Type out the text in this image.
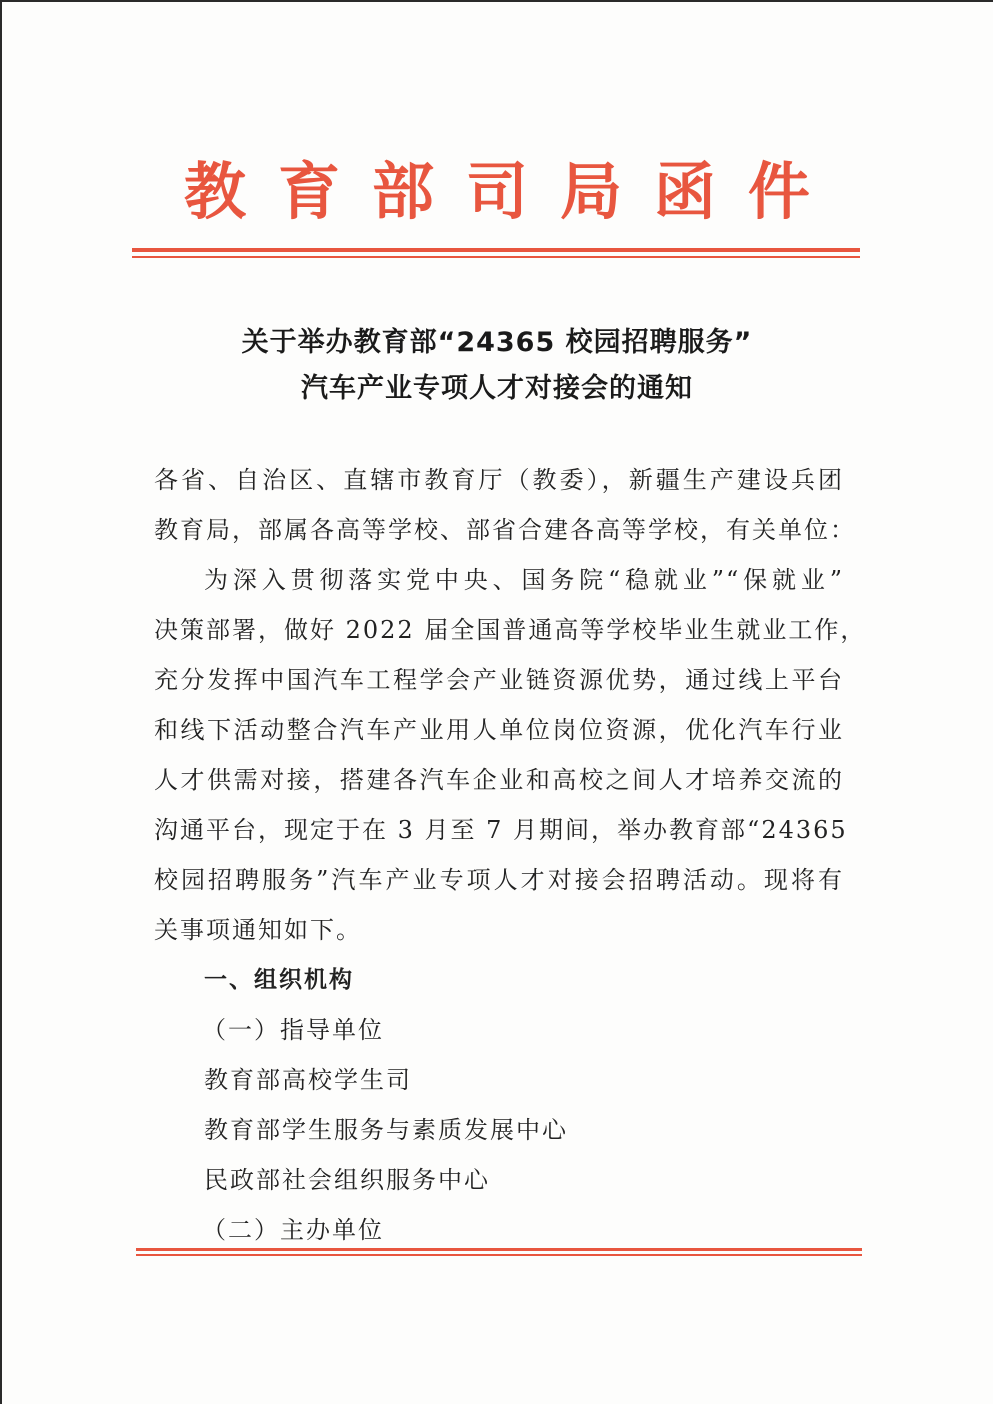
教 育 部 司 局 函 件
关于举办教育部“24365 校园招聘服务”
汽车产业专项人才对接会的通知
各省、自治区、直辖市教育厅（教委），新疆生产建设兵团
教育局，部属各高等学校、部省合建各高等学校，有关单位：
为深入贯彻落实党中央、国务院“稳就业”“保就业”
决策部署，做好 2022 届全国普通高等学校毕业生就业工作，
充分发挥中国汽车工程学会产业链资源优势，通过线上平台
和线下活动整合汽车产业用人单位岗位资源，优化汽车行业
人才供需对接，搭建各汽车企业和高校之间人才培养交流的
沟通平台，现定于在 3 月至 7 月期间，举办教育部“24365
校园招聘服务”汽车产业专项人才对接会招聘活动。现将有
关事项通知如下。
一、组织机构
（一）指导单位
教育部高校学生司
教育部学生服务与素质发展中心
民政部社会组织服务中心
（二）主办单位
